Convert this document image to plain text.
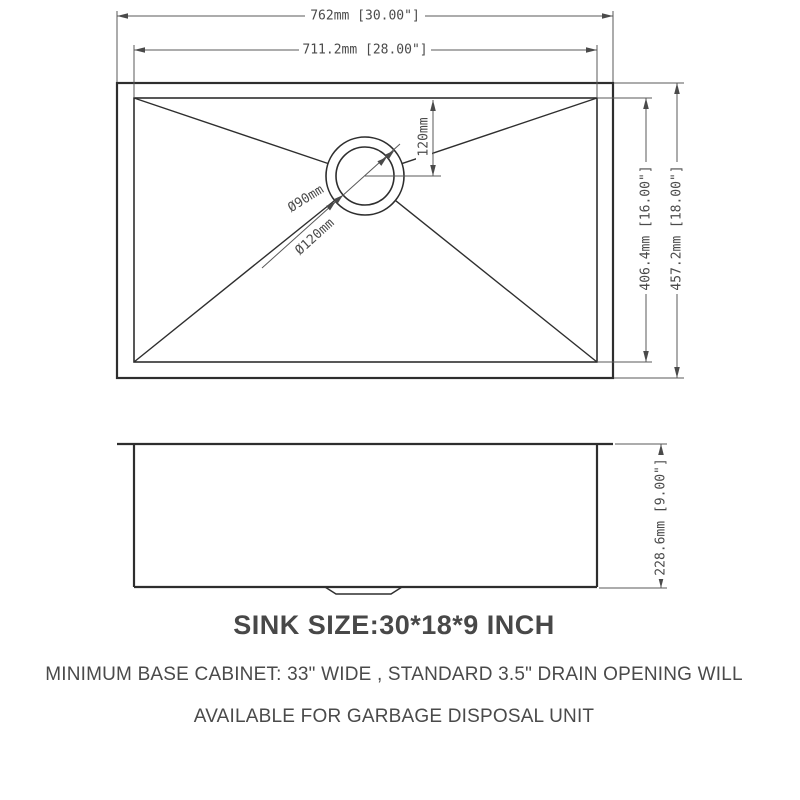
Ø90mm
Ø120mm
120mm
762mm [30.00"]
711.2mm [28.00"]
406.4mm [16.00"] 457.2mm [18.00"]
228.6mm [9.00"]
SINK SIZE:30*18*9 INCH
MINIMUM BASE CABINET: 33" WIDE , STANDARD 3.5" DRAIN OPENING WILL
AVAILABLE FOR GARBAGE DISPOSAL UNIT
